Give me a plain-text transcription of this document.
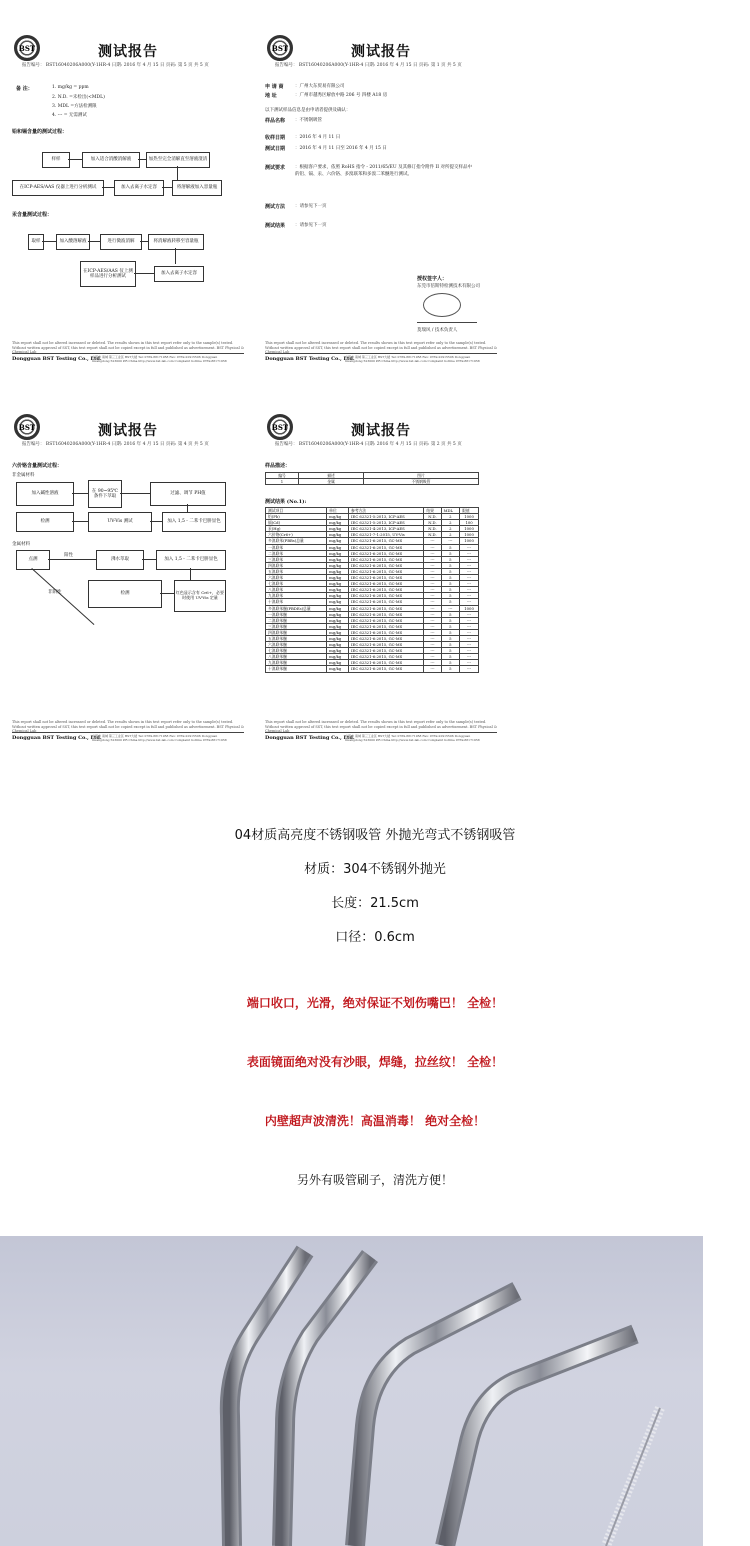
BST	测试报告
报告编号： BST16040206A000(Y-1HR-4 日期: 2016 年 4 月 15 日 页码: 第 5 页 共 5 页
备 注：	1. mg/kg = ppm
2. N.D. =未检出(<MDL)
3. MDL =方法检测限
4. --- = 无需测试
铅和镉含量的测试过程：
样样	加入适合消酸消解液	加热至完全消解直至溶液澄清
在ICP-AES/AAS 仪器上进行分析测试	加入去离子水定容	将溶解液加入容量瓶
汞含量测试过程：
取样	加入酸溶解液	进行微波消解	将消解液转移至容量瓶
在ICP-AES/AAS 仪上测样品进行分析测试
加入去离子水定容
This report shall not be altered increased or deleted. The results shown in this test report refer only to the sample(s) tested. Without written approval of SST, this test report shall not be copied except in full and published as advertisement. BST Physical & Chemical Lab
Dongguan BST Testing Co., Ltd.
东莞市 南城 第三工业区 BST大楼 Tel: 0769-88171958 Fax: 0769-22915506 Dongguan Guangdong 523000 P.R.China http://www.bst-lab.com Complaint hotline 0769-88171958
BST	测试报告
报告编号： BST16040206A000(Y-1HR-4 日期: 2016 年 4 月 15 日 页码: 第 1 页 共 5 页
申 请 商	：广州大东贸易有限公司
地 址	：广州市越秀区解放中路 206 号 四楼 A18 房
以下测试样品信息是由申请者提供及确认：
样品名称 ：不锈钢吸管
收样日期 ：2016 年 4 月 11 日
测试日期 ：2016 年 4 月 11 日至 2016 年 4 月 15 日
测试要求 ：根据客户要求，依照 RoHS 指令 - 2011/65/EU 及其修订指令附件 II 对所提交样品中的铅、镉、汞、六价铬、多溴联苯和多溴二苯醚进行测试。
测试方法 ：请参见下一页
测试结果 ：请参见下一页
授权签字人：
东莞市倍斯特检测技术有限公司
莫瑞风 / 技术负责人
This report shall not be altered increased or deleted. The results shown in this test report refer only to the sample(s) tested. Without written approval of SST, this test report shall not be copied except in full and published as advertisement. BST Physical & Chemical Lab
Dongguan BST Testing Co., Ltd.
东莞市 南城 第三工业区 BST大楼 Tel: 0769-88171958 Fax: 0769-22915506 Dongguan Guangdong 523000 P.R.China http://www.bst-lab.com Complaint hotline 0769-88171958
BST	测试报告
报告编号： BST16040206A000(Y-1HR-4 日期: 2016 年 4 月 15 日 页码: 第 4 页 共 5 页
六价铬含量测试过程：
非金属材料
加入碱性溶液
在 90~95℃ 条件下萃取
过滤、调节 PH值
检测	UV-Vis 测试	加入 1,5 - 二苯卡巴肼显色
金属材料
点测
阳性
沸水萃取	加入 1,5 - 二苯卡巴肼显色
非阳性	检测	红色显示含有 Cr6+，必要时使用 UV-Vis 定量
This report shall not be altered increased or deleted. The results shown in this test report refer only to the sample(s) tested. Without written approval of SST, this test report shall not be copied except in full and published as advertisement. BST Physical & Chemical Lab
Dongguan BST Testing Co., Ltd.
东莞市 南城 第三工业区 BST大楼 Tel: 0769-88171958 Fax: 0769-22915506 Dongguan Guangdong 523000 P.R.China http://www.bst-lab.com Complaint hotline 0769-88171958
BST	测试报告
报告编号： BST16040206A000(Y-1HR-4 日期: 2016 年 4 月 15 日 页码: 第 2 页 共 5 页
样品描述：
编号	描述	图片
1	金属	不锈钢吸管
测试结果 (No.1):
测试项目	单位	参考方法	结果	MDL	限值
铅(Pb)	mg/kg	IEC 62321-5:2013, ICP-AES	N.D.	2	1000
镉(Cd)	mg/kg	IEC 62321-5:2013, ICP-AES	N.D.	2	100
汞(Hg)	mg/kg	IEC 62321-4:2013, ICP-AES	N.D.	2	1000
六价铬(Cr6+)	mg/kg	IEC 62321-7-1:2015, UV-Vis	N.D.	2	1000
多溴联苯(PBBs)总量	mg/kg	IEC 62321-6:2015, GC-MS	---	---	1000
一溴联苯	mg/kg	IEC 62321-6:2015, GC-MS	---	5	---
二溴联苯	mg/kg	IEC 62321-6:2015, GC-MS	---	5	---
三溴联苯	mg/kg	IEC 62321-6:2015, GC-MS	---	5	---
四溴联苯	mg/kg	IEC 62321-6:2015, GC-MS	---	5	---
五溴联苯	mg/kg	IEC 62321-6:2015, GC-MS	---	5	---
六溴联苯	mg/kg	IEC 62321-6:2015, GC-MS	---	5	---
七溴联苯	mg/kg	IEC 62321-6:2015, GC-MS	---	5	---
八溴联苯	mg/kg	IEC 62321-6:2015, GC-MS	---	5	---
九溴联苯	mg/kg	IEC 62321-6:2015, GC-MS	---	5	---
十溴联苯	mg/kg	IEC 62321-6:2015, GC-MS	---	5	---
多溴联苯醚(PBDEs)总量	mg/kg	IEC 62321-6:2015, GC-MS	---	---	1000
一溴联苯醚	mg/kg	IEC 62321-6:2015, GC-MS	---	5	---
二溴联苯醚	mg/kg	IEC 62321-6:2015, GC-MS	---	5	---
三溴联苯醚	mg/kg	IEC 62321-6:2015, GC-MS	---	5	---
四溴联苯醚	mg/kg	IEC 62321-6:2015, GC-MS	---	5	---
五溴联苯醚	mg/kg	IEC 62321-6:2015, GC-MS	---	5	---
六溴联苯醚	mg/kg	IEC 62321-6:2015, GC-MS	---	5	---
七溴联苯醚	mg/kg	IEC 62321-6:2015, GC-MS	---	5	---
八溴联苯醚	mg/kg	IEC 62321-6:2015, GC-MS	---	5	---
九溴联苯醚	mg/kg	IEC 62321-6:2015, GC-MS	---	5	---
十溴联苯醚	mg/kg	IEC 62321-6:2015, GC-MS	---	5	---
This report shall not be altered increased or deleted. The results shown in this test report refer only to the sample(s) tested. Without written approval of SST, this test report shall not be copied except in full and published as advertisement. BST Physical & Chemical Lab
Dongguan BST Testing Co., Ltd.
东莞市 南城 第三工业区 BST大楼 Tel: 0769-88171958 Fax: 0769-22915506 Dongguan Guangdong 523000 P.R.China http://www.bst-lab.com Complaint hotline 0769-88171958
04材质高亮度不锈钢吸管 外抛光弯式不锈钢吸管
材质：304不锈钢外抛光
长度：21.5cm
口径：0.6cm
端口收口，光滑，绝对保证不划伤嘴巴！ 全检！
表面镜面绝对没有沙眼，焊缝，拉丝纹！ 全检！
内壁超声波清洗！高温消毒！ 绝对全检！
另外有吸管刷子，清洗方便！
